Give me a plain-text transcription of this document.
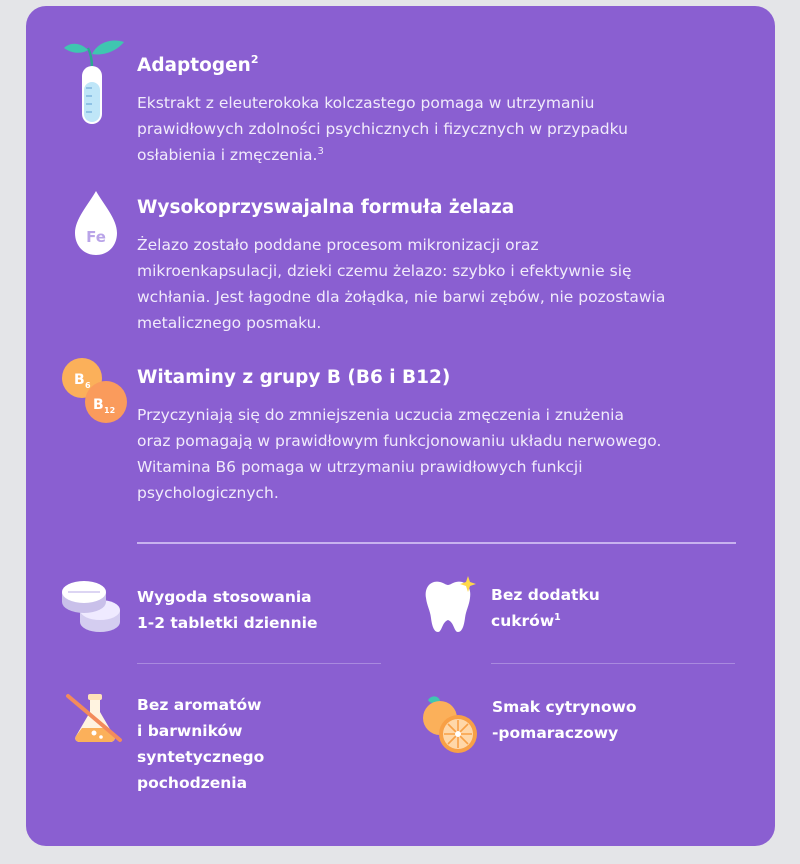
Adaptogen$^2$

Ekstrakt z eleuterokoka kolczastego pomaga w utrzymaniu
prawidłowych zdolności psychicznych i fizycznych w przypadku
osłabienia i zmęczenia.$^3$

Fe
Wysokoprzyswajalna formuła żelaza

Żelazo zostało poddane procesom mikronizacji oraz
mikroenkapsulacji, dzieki czemu żelazo: szybko i efektywnie się
wchłania. Jest łagodne dla żołądka, nie barwi zębów, nie pozostawia
metalicznego posmaku.

B 6
B 12
Witaminy z grupy B (B6 i B12)

Przyczyniają się do zmniejszenia uczucia zmęczenia i znużenia
oraz pomagają w prawidłowym funkcjonowaniu układu nerwowego.
Witamina B6 pomaga w utrzymaniu prawidłowych funkcji
psychologicznych.

Wygoda stosowania
1-2 tabletki dziennie

Bez dodatku
cukrów$^1$

Bez aromatów
i barwników
syntetycznego
pochodzenia

Smak cytrynowo
-pomaraczowy
